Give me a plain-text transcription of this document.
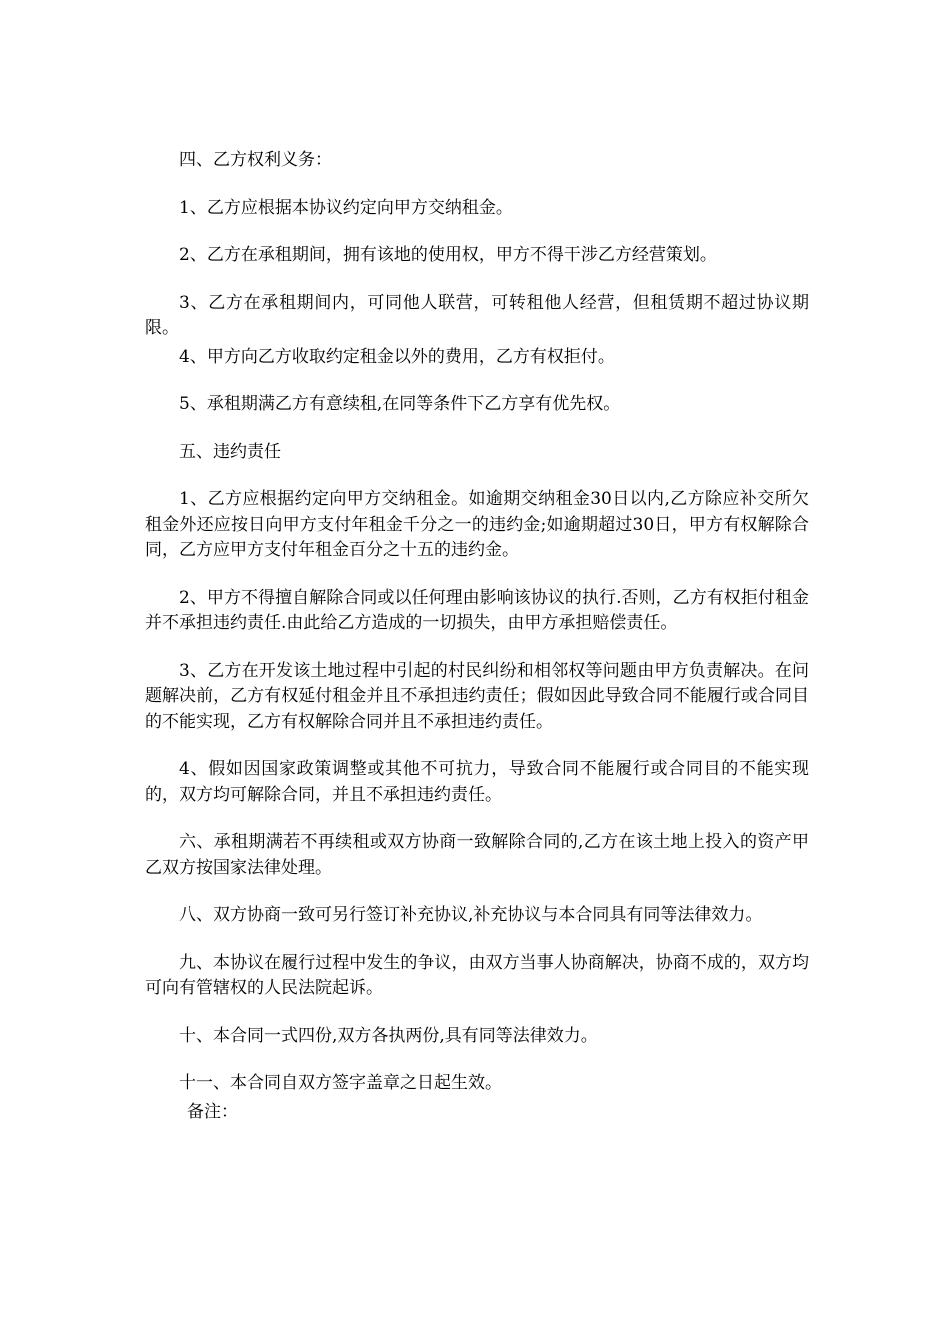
四、乙方权利义务：

1、乙方应根据本协议约定向甲方交纳租金。

2、乙方在承租期间，拥有该地的使用权，甲方不得干涉乙方经营策划。

3、乙方在承租期间内，可同他人联营，可转租他人经营，但租赁期不超过协议期限。

4、甲方向乙方收取约定租金以外的费用，乙方有权拒付。

5、承租期满乙方有意续租,在同等条件下乙方享有优先权。

五、违约责任

1、乙方应根据约定向甲方交纳租金。如逾期交纳租金30日以内,乙方除应补交所欠租金外还应按日向甲方支付年租金千分之一的违约金;如逾期超过30日，甲方有权解除合同，乙方应甲方支付年租金百分之十五的违约金。

2、甲方不得擅自解除合同或以任何理由影响该协议的执行.否则，乙方有权拒付租金并不承担违约责任.由此给乙方造成的一切损失，由甲方承担赔偿责任。

3、乙方在开发该土地过程中引起的村民纠纷和相邻权等问题由甲方负责解决。在问题解决前，乙方有权延付租金并且不承担违约责任；假如因此导致合同不能履行或合同目的不能实现，乙方有权解除合同并且不承担违约责任。

4、假如因国家政策调整或其他不可抗力，导致合同不能履行或合同目的不能实现的，双方均可解除合同，并且不承担违约责任。

六、承租期满若不再续租或双方协商一致解除合同的,乙方在该土地上投入的资产甲乙双方按国家法律处理。

八、双方协商一致可另行签订补充协议,补充协议与本合同具有同等法律效力。

九、本协议在履行过程中发生的争议，由双方当事人协商解决，协商不成的，双方均可向有管辖权的人民法院起诉。

十、本合同一式四份,双方各执两份,具有同等法律效力。

十一、本合同自双方签字盖章之日起生效。

备注：
